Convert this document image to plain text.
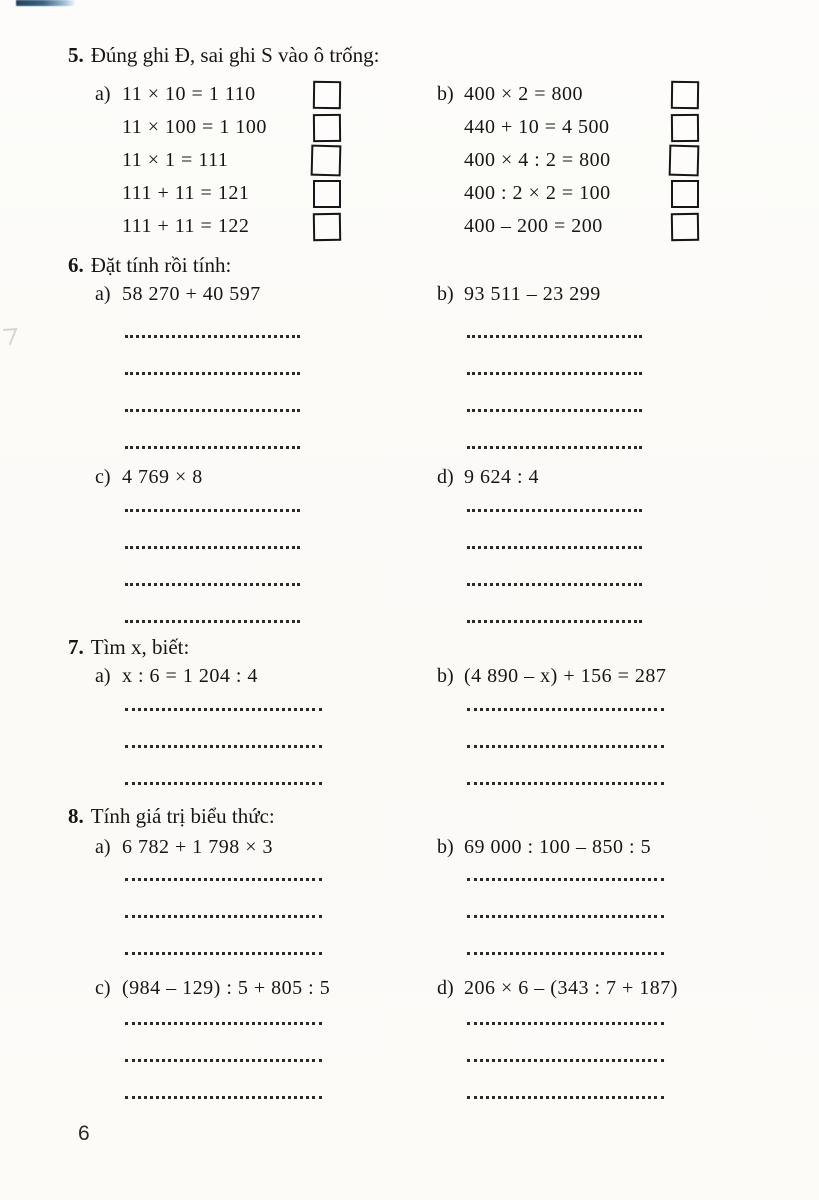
5. Đúng ghi Đ, sai ghi S vào ô trống:
a) 11 × 10 = 1 110
11 × 100 = 1 100
11 × 1 = 111
111 + 11 = 121
111 + 11 = 122
b) 400 × 2 = 800
440 + 10 = 4 500
400 × 4 : 2 = 800
400 : 2 × 2 = 100
400 – 200 = 200
6. Đặt tính rồi tính:
a) 58 270 + 40 597	b) 93 511 – 23 299
c) 4 769 × 8	d) 9 624 : 4
7. Tìm x, biết:
a) x : 6 = 1 204 : 4	b) (4 890 – x) + 156 = 287
8. Tính giá trị biểu thức:
a) 6 782 + 1 798 × 3	b) 69 000 : 100 – 850 : 5
c) (984 – 129) : 5 + 805 : 5	d) 206 × 6 – (343 : 7 + 187)
6
